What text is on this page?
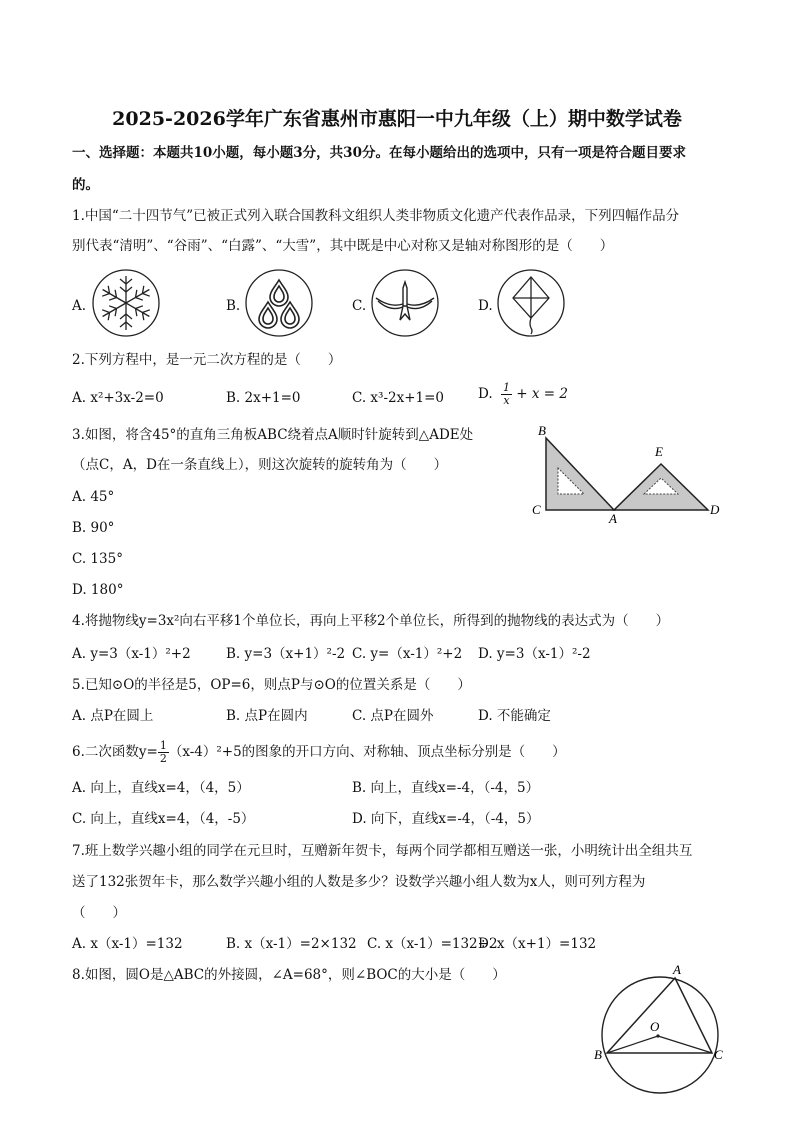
2025-2026学年广东省惠州市惠阳一中九年级（上）期中数学试卷
一、选择题：本题共10小题，每小题3分，共30分。在每小题给出的选项中，只有一项是符合题目要求
的。
1.中国“二十四节气”已被正式列入联合国教科文组织人类非物质文化遗产代表作品录，下列四幅作品分
别代表“清明”、“谷雨”、“白露”、“大雪”，其中既是中心对称又是轴对称图形的是（　　）
A.	B.	C.	D.
2.下列方程中，是一元二次方程的是（　　）
A. x²+3x-2=0	B. 2x+1=0	C. x³-2x+1=0	D. $\frac{1}{x} + x = 2$
3.如图，将含45°的直角三角板ABC绕着点A顺时针旋转到△ADE处
（点C，A，D在一条直线上），则这次旋转的旋转角为（　　）
A. 45°
B. 90°
C. 135°
D. 180°
B
E
C
A
D
4.将抛物线y=3x²向右平移1个单位长，再向上平移2个单位长，所得到的抛物线的表达式为（　　）
A. y=3（x-1）²+2	B. y=3（x+1）²-2 C. y=（x-1）²+2 D. y=3（x-1）²-2
5.已知⊙O的半径是5，OP=6，则点P与⊙O的位置关系是（　　）
A. 点P在圆上	B. 点P在圆内	C. 点P在圆外	D. 不能确定
6.二次函数$y= \frac{1}{2} (x-4)^2+5$的图象的开口方向、对称轴、顶点坐标分别是（　　）
A. 向上，直线x=4，（4，5）	B. 向上，直线x=-4，（-4，5）
C. 向上，直线x=4，（4，-5）	D. 向下，直线x=-4，（-4，5）
7.班上数学兴趣小组的同学在元旦时，互赠新年贺卡，每两个同学都相互赠送一张，小明统计出全组共互
送了132张贺年卡，那么数学兴趣小组的人数是多少？设数学兴趣小组人数为x人，则可列方程为
（　　）
A. x（x-1）=132	B. x（x-1）=2×132 C. x（x-1）=132÷2
D. x（x+1）=132
8.如图，圆O是△ABC的外接圆，∠A=68°，则∠BOC的大小是（　　）	A
O
B	C
